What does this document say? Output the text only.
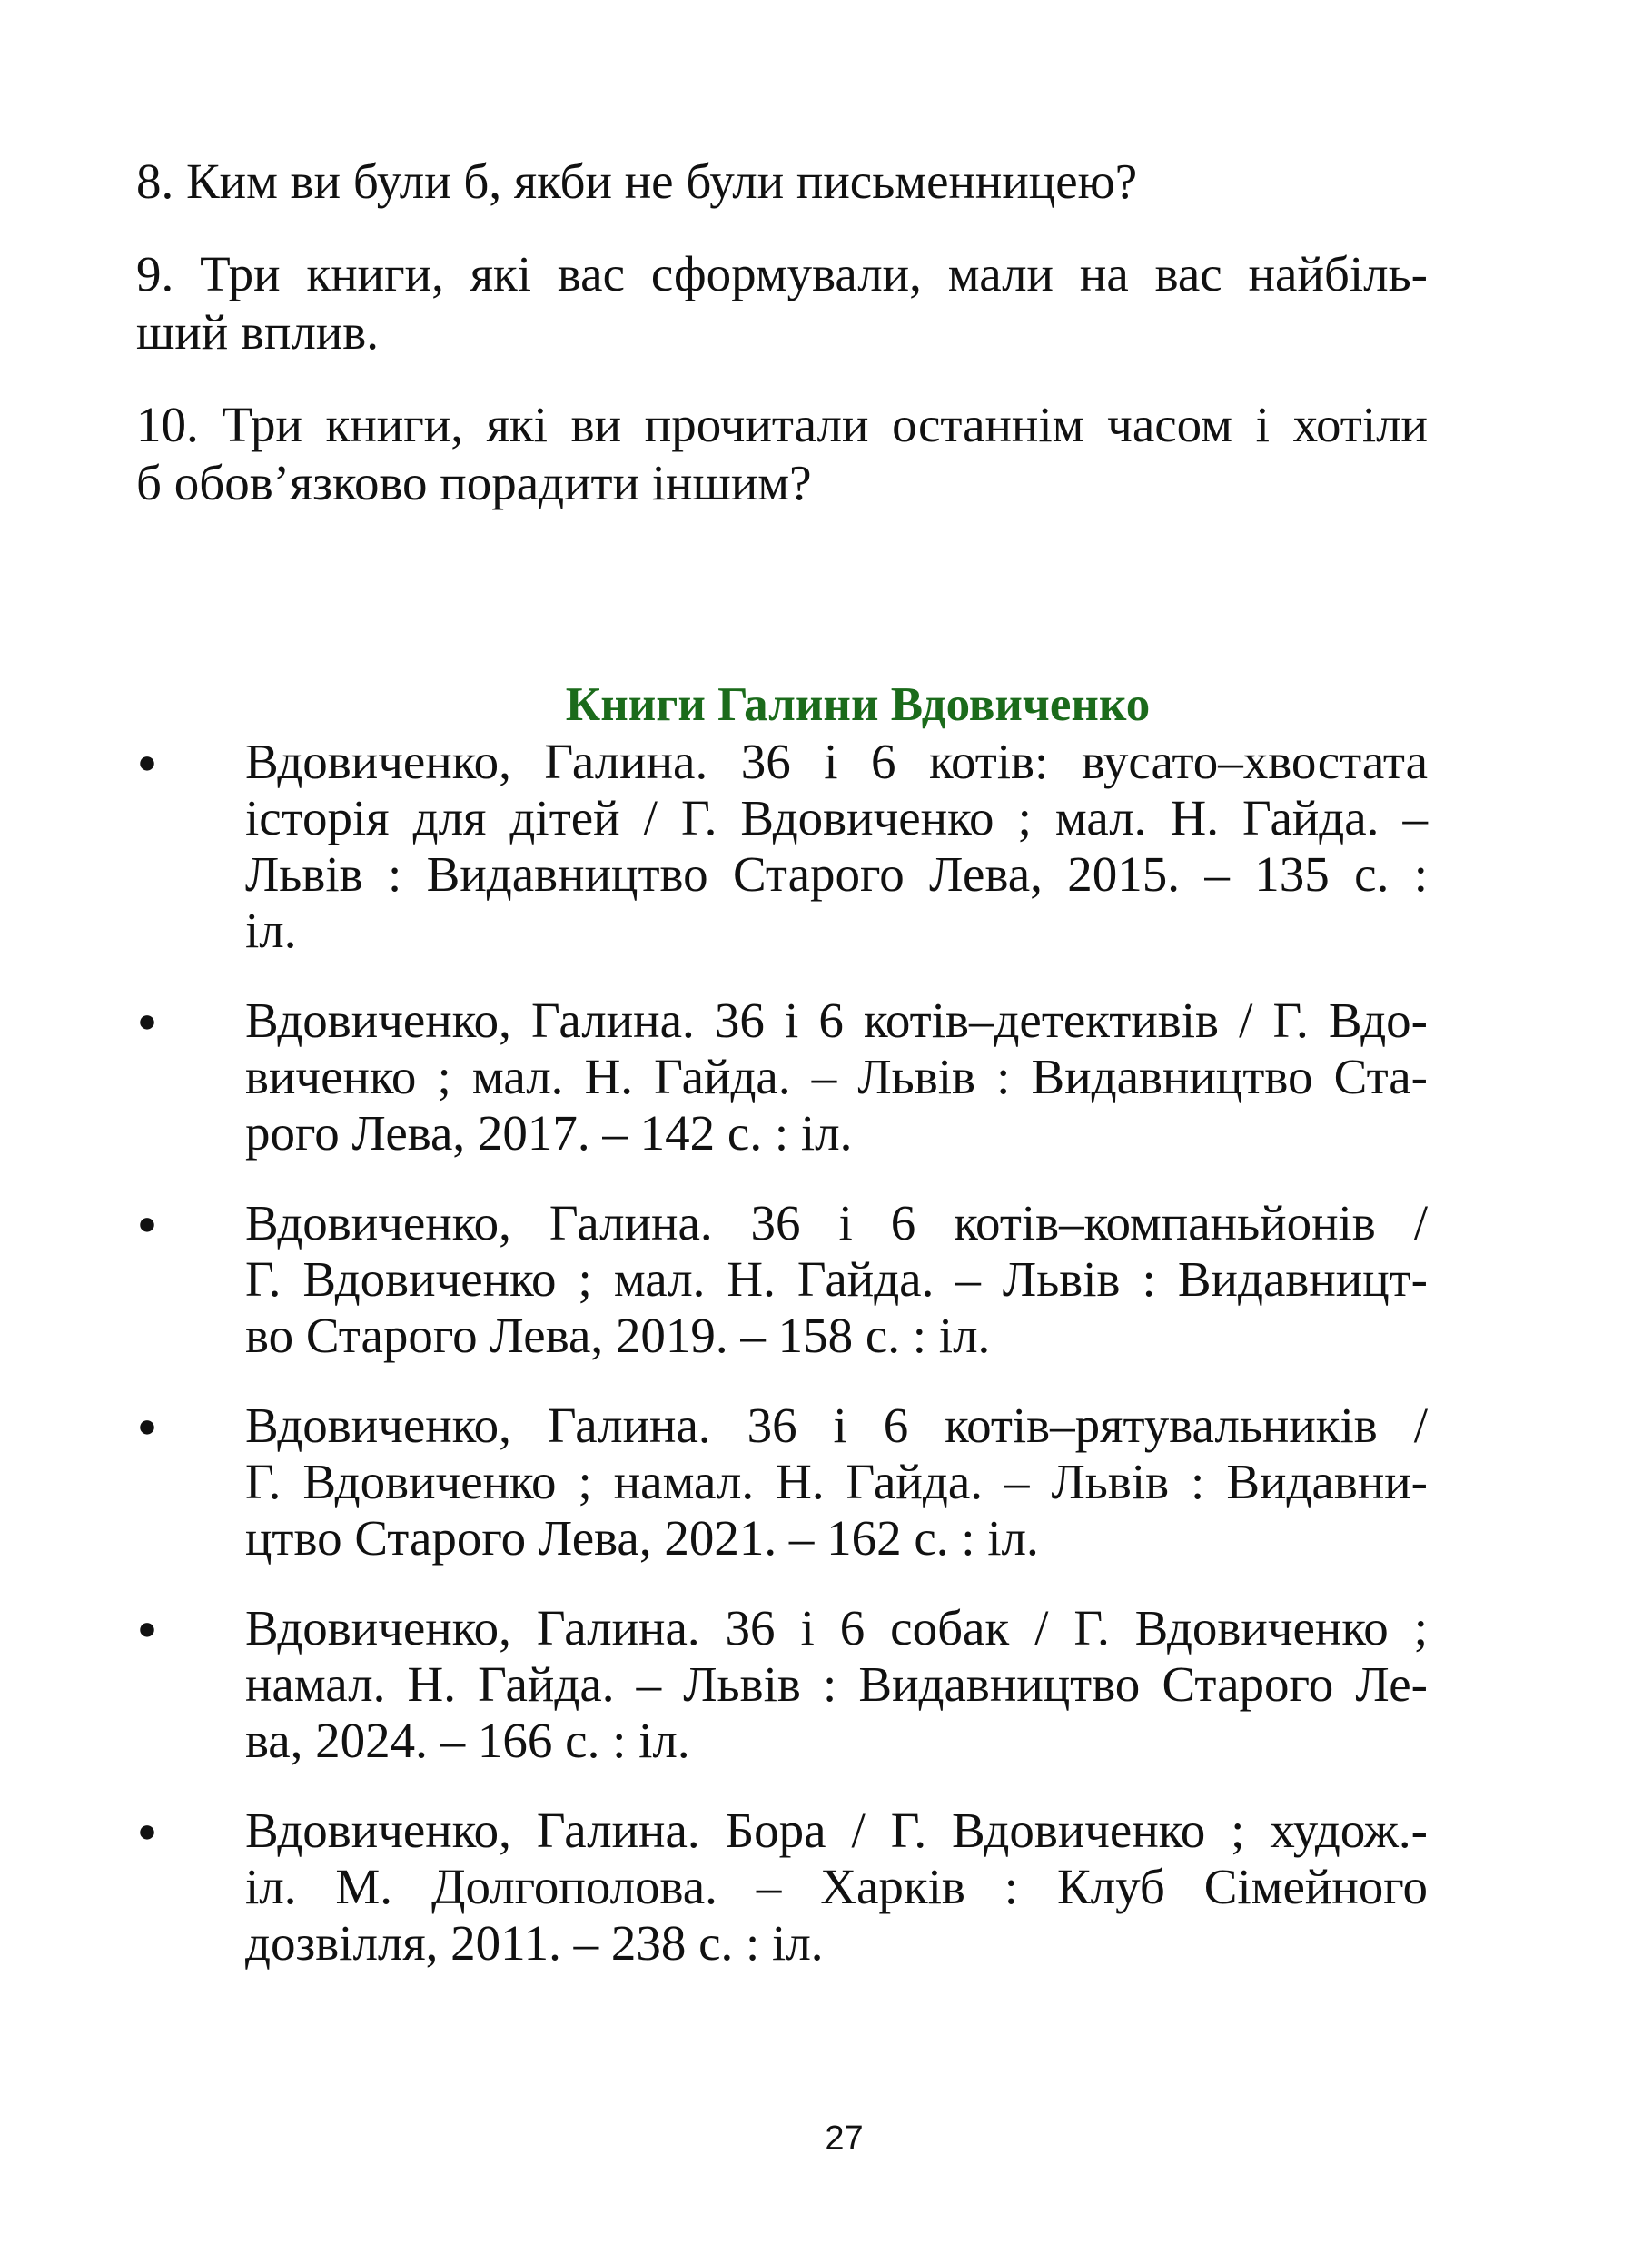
8. Ким ви були б, якби не були письменницею?

9. Три книги, які вас сформували, мали на вас найбіль-
ший вплив.

10. Три книги, які ви прочитали останнім часом і хотіли
б обов’язково порадити іншим?

Книги Галини Вдовиченко
● Вдовиченко, Галина. 36 і 6 котів: вусато–хвостата
історія для дітей / Г. Вдовиченко ; мал. Н. Гайда. –
Львів : Видавництво Старого Лева, 2015. – 135 с. :
іл.
● Вдовиченко, Галина. 36 і 6 котів–детективів / Г. Вдо-
виченко ; мал. Н. Гайда. – Львів : Видавництво Ста-
рого Лева, 2017. – 142 с. : іл.
● Вдовиченко, Галина. 36 і 6 котів–компаньйонів /
Г. Вдовиченко ; мал. Н. Гайда. – Львів : Видавницт-
во Старого Лева, 2019. – 158 с. : іл.
● Вдовиченко, Галина. 36 і 6 котів–рятувальників /
Г. Вдовиченко ; намал. Н. Гайда. – Львів : Видавни-
цтво Старого Лева, 2021. – 162 с. : іл.
● Вдовиченко, Галина. 36 і 6 собак / Г. Вдовиченко ;
намал. Н. Гайда. – Львів : Видавництво Старого Ле-
ва, 2024. – 166 с. : іл.
● Вдовиченко, Галина. Бора / Г. Вдовиченко ; худож.-
іл. М. Долгополова. – Харків : Клуб Сімейного
дозвілля, 2011. – 238 с. : іл.
27
